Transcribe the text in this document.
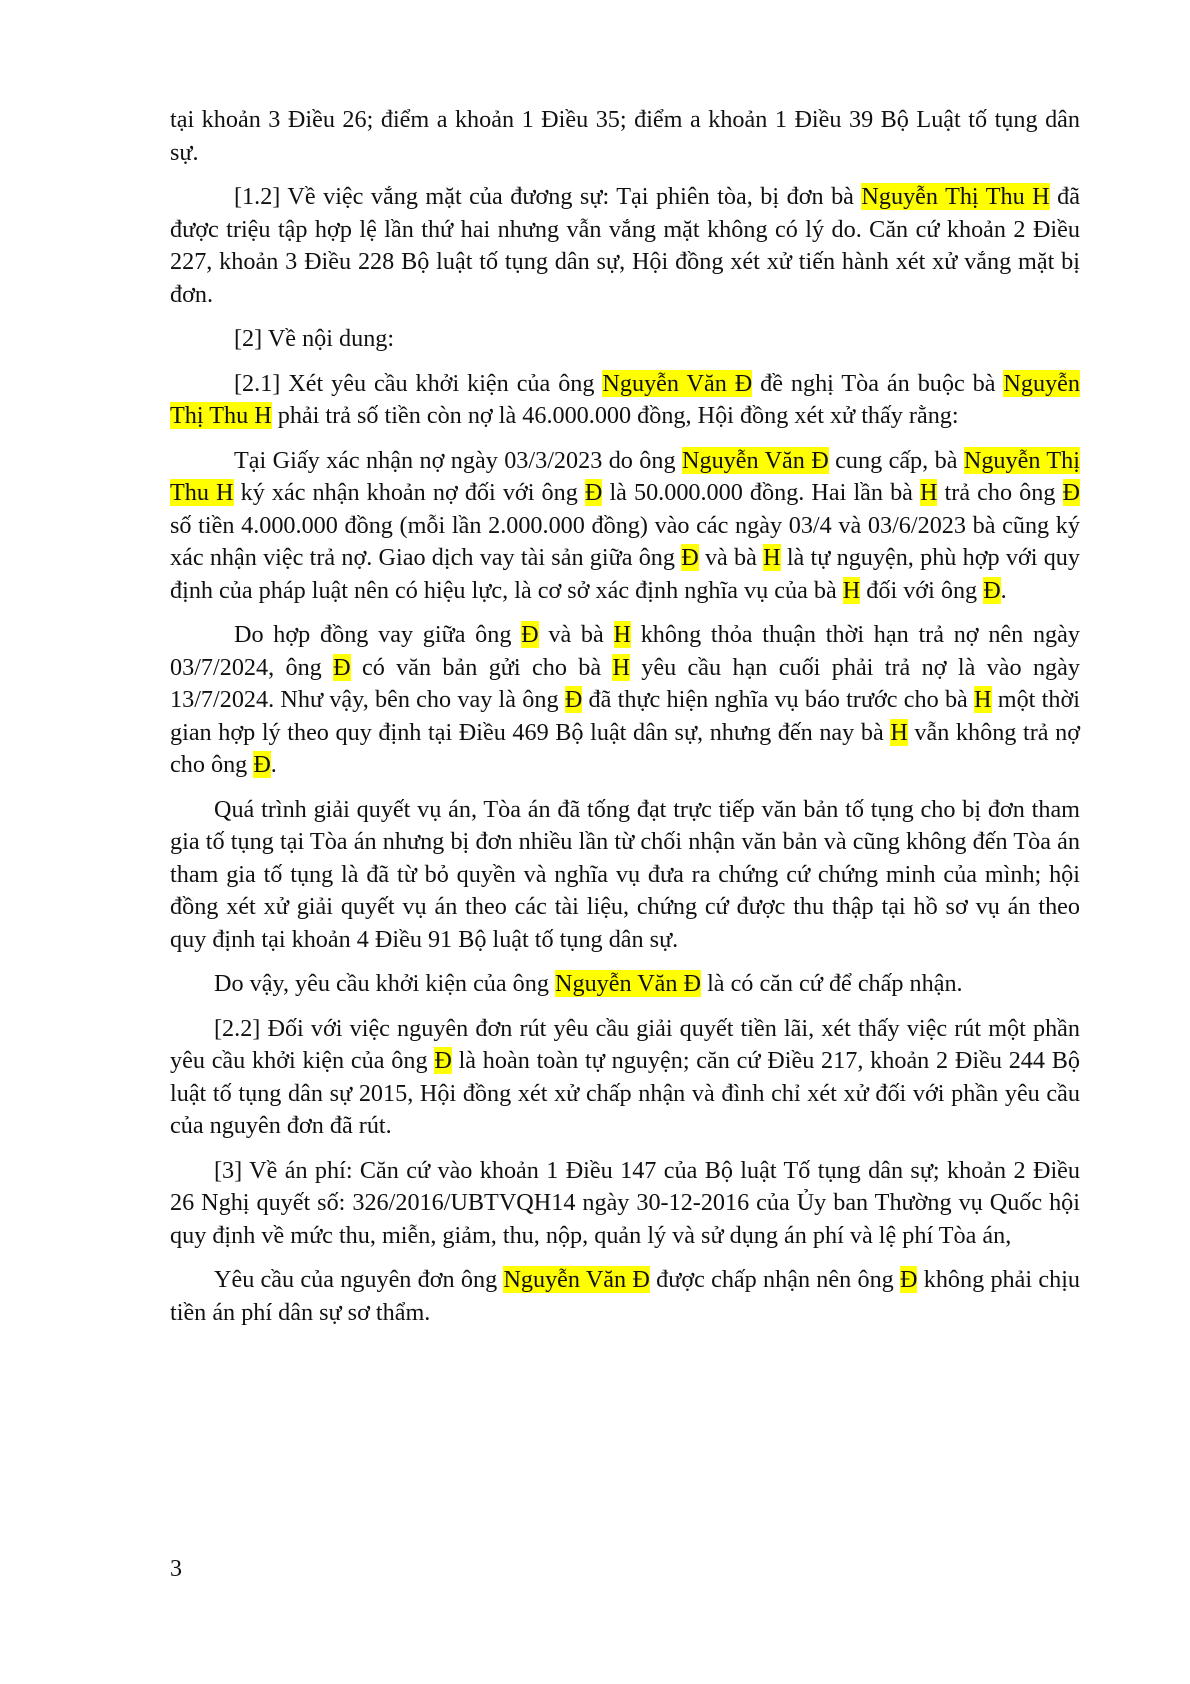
tại khoản 3 Điều 26; điểm a khoản 1 Điều 35; điểm a khoản 1 Điều 39 Bộ Luật tố tụng dân sự.

[1.2] Về việc vắng mặt của đương sự: Tại phiên tòa, bị đơn bà Nguyễn Thị Thu H đã được triệu tập hợp lệ lần thứ hai nhưng vẫn vắng mặt không có lý do. Căn cứ khoản 2 Điều 227, khoản 3 Điều 228 Bộ luật tố tụng dân sự, Hội đồng xét xử tiến hành xét xử vắng mặt bị đơn.

[2] Về nội dung:

[2.1] Xét yêu cầu khởi kiện của ông Nguyễn Văn Đ đề nghị Tòa án buộc bà Nguyễn Thị Thu H phải trả số tiền còn nợ là 46.000.000 đồng, Hội đồng xét xử thấy rằng:

Tại Giấy xác nhận nợ ngày 03/3/2023 do ông Nguyễn Văn Đ cung cấp, bà Nguyễn Thị Thu H ký xác nhận khoản nợ đối với ông Đ là 50.000.000 đồng. Hai lần bà H trả cho ông Đ số tiền 4.000.000 đồng (mỗi lần 2.000.000 đồng) vào các ngày 03/4 và 03/6/2023 bà cũng ký xác nhận việc trả nợ. Giao dịch vay tài sản giữa ông Đ và bà H là tự nguyện, phù hợp với quy định của pháp luật nên có hiệu lực, là cơ sở xác định nghĩa vụ của bà H đối với ông Đ.

Do hợp đồng vay giữa ông Đ và bà H không thỏa thuận thời hạn trả nợ nên ngày 03/7/2024, ông Đ có văn bản gửi cho bà H yêu cầu hạn cuối phải trả nợ là vào ngày 13/7/2024. Như vậy, bên cho vay là ông Đ đã thực hiện nghĩa vụ báo trước cho bà H một thời gian hợp lý theo quy định tại Điều 469 Bộ luật dân sự, nhưng đến nay bà H vẫn không trả nợ cho ông Đ.

Quá trình giải quyết vụ án, Tòa án đã tống đạt trực tiếp văn bản tố tụng cho bị đơn tham gia tố tụng tại Tòa án nhưng bị đơn nhiều lần từ chối nhận văn bản và cũng không đến Tòa án tham gia tố tụng là đã từ bỏ quyền và nghĩa vụ đưa ra chứng cứ chứng minh của mình; hội đồng xét xử giải quyết vụ án theo các tài liệu, chứng cứ được thu thập tại hồ sơ vụ án theo quy định tại khoản 4 Điều 91 Bộ luật tố tụng dân sự.

Do vậy, yêu cầu khởi kiện của ông Nguyễn Văn Đ là có căn cứ để chấp nhận.

[2.2] Đối với việc nguyên đơn rút yêu cầu giải quyết tiền lãi, xét thấy việc rút một phần yêu cầu khởi kiện của ông Đ là hoàn toàn tự nguyện; căn cứ Điều 217, khoản 2 Điều 244 Bộ luật tố tụng dân sự 2015, Hội đồng xét xử chấp nhận và đình chỉ xét xử đối với phần yêu cầu của nguyên đơn đã rút.

[3] Về án phí: Căn cứ vào khoản 1 Điều 147 của Bộ luật Tố tụng dân sự; khoản 2 Điều 26 Nghị quyết số: 326/2016/UBTVQH14 ngày 30-12-2016 của Ủy ban Thường vụ Quốc hội quy định về mức thu, miễn, giảm, thu, nộp, quản lý và sử dụng án phí và lệ phí Tòa án,

Yêu cầu của nguyên đơn ông Nguyễn Văn Đ được chấp nhận nên ông Đ không phải chịu tiền án phí dân sự sơ thẩm.

3
